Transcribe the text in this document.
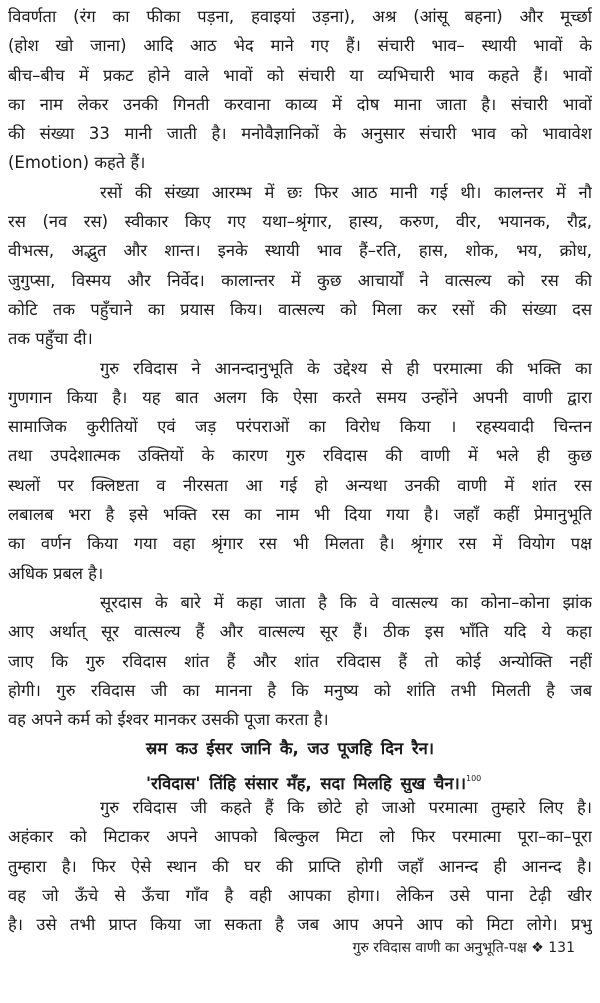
विवर्णता (रंग का फीका पड़ना, हवाइयां उड़ना), अश्र (आंसू बहना) और मूर्च्छा
(होश खो जाना) आदि आठ भेद माने गए हैं। संचारी भाव– स्थायी भावों के
बीच–बीच में प्रकट होने वाले भावों को संचारी या व्यभिचारी भाव कहते हैं। भावों
का नाम लेकर उनकी गिनती करवाना काव्य में दोष माना जाता है। संचारी भावों
की संख्या 33 मानी जाती है। मनोवैज्ञानिकों के अनुसार संचारी भाव को भावावेश
(Emotion) कहते हैं।
रसों की संख्या आरम्भ में छः फिर आठ मानी गई थी। कालन्तर में नौ
रस (नव रस) स्वीकार किए गए यथा–श्रृंगार, हास्य, करुण, वीर, भयानक, रौद्र,
वीभत्स, अद्भुत और शान्त। इनके स्थायी भाव हैं–रति, हास, शोक, भय, क्रोध,
जुगुप्सा, विस्मय और निर्वेद। कालान्तर में कुछ आचार्यों ने वात्सल्य को रस की
कोटि तक पहुँचाने का प्रयास किय। वात्सल्य को मिला कर रसों की संख्या दस
तक पहुँचा दी।
गुरु रविदास ने आनन्दानुभूति के उद्देश्य से ही परमात्मा की भक्ति का
गुणगान किया है। यह बात अलग कि ऐसा करते समय उन्होंने अपनी वाणी द्वारा
सामाजिक कुरीतियों एवं जड़ परंपराओं का विरोध किया । रहस्यवादी चिन्तन
तथा उपदेशात्मक उक्तियों के कारण गुरु रविदास की वाणी में भले ही कुछ
स्थलों पर क्लिष्टता व नीरसता आ गई हो अन्यथा उनकी वाणी में शांत रस
लबालब भरा है इसे भक्ति रस का नाम भी दिया गया है। जहाँ कहीं प्रेमानुभूति
का वर्णन किया गया वहा श्रृंगार रस भी मिलता है। श्रृंगार रस में वियोग पक्ष
अधिक प्रबल है।
सूरदास के बारे में कहा जाता है कि वे वात्सल्य का कोना–कोना झांक
आए अर्थात् सूर वात्सल्य हैं और वात्सल्य सूर हैं। ठीक इस भाँति यदि ये कहा
जाए कि गुरु रविदास शांत हैं और शांत रविदास हैं तो कोई अन्योक्ति नहीं
होगी। गुरु रविदास जी का मानना है कि मनुष्य को शांति तभी मिलती है जब
वह अपने कर्म को ईश्वर मानकर उसकी पूजा करता है।
स्रम कउ ईसर जानि कै, जउ पूजहि दिन रैन।
'रविदास' तिंहि संसार मँह, सदा मिलहि सुख चैन।।$^{100}$
गुरु रविदास जी कहते हैं कि छोटे हो जाओ परमात्मा तुम्हारे लिए है।
अहंकार को मिटाकर अपने आपको बिल्कुल मिटा लो फिर परमात्मा पूरा–का–पूरा
तुम्हारा है। फिर ऐसे स्थान की घर की प्राप्ति होगी जहाँ आनन्द ही आनन्द है।
वह जो ऊँचे से ऊँचा गाँव है वही आपका होगा। लेकिन उसे पाना टेढ़ी खीर
है। उसे तभी प्राप्त किया जा सकता है जब आप अपने आप को मिटा लोगे। प्रभु
गुरु रविदास वाणी का अनुभूति-पक्ष ❖ 131
